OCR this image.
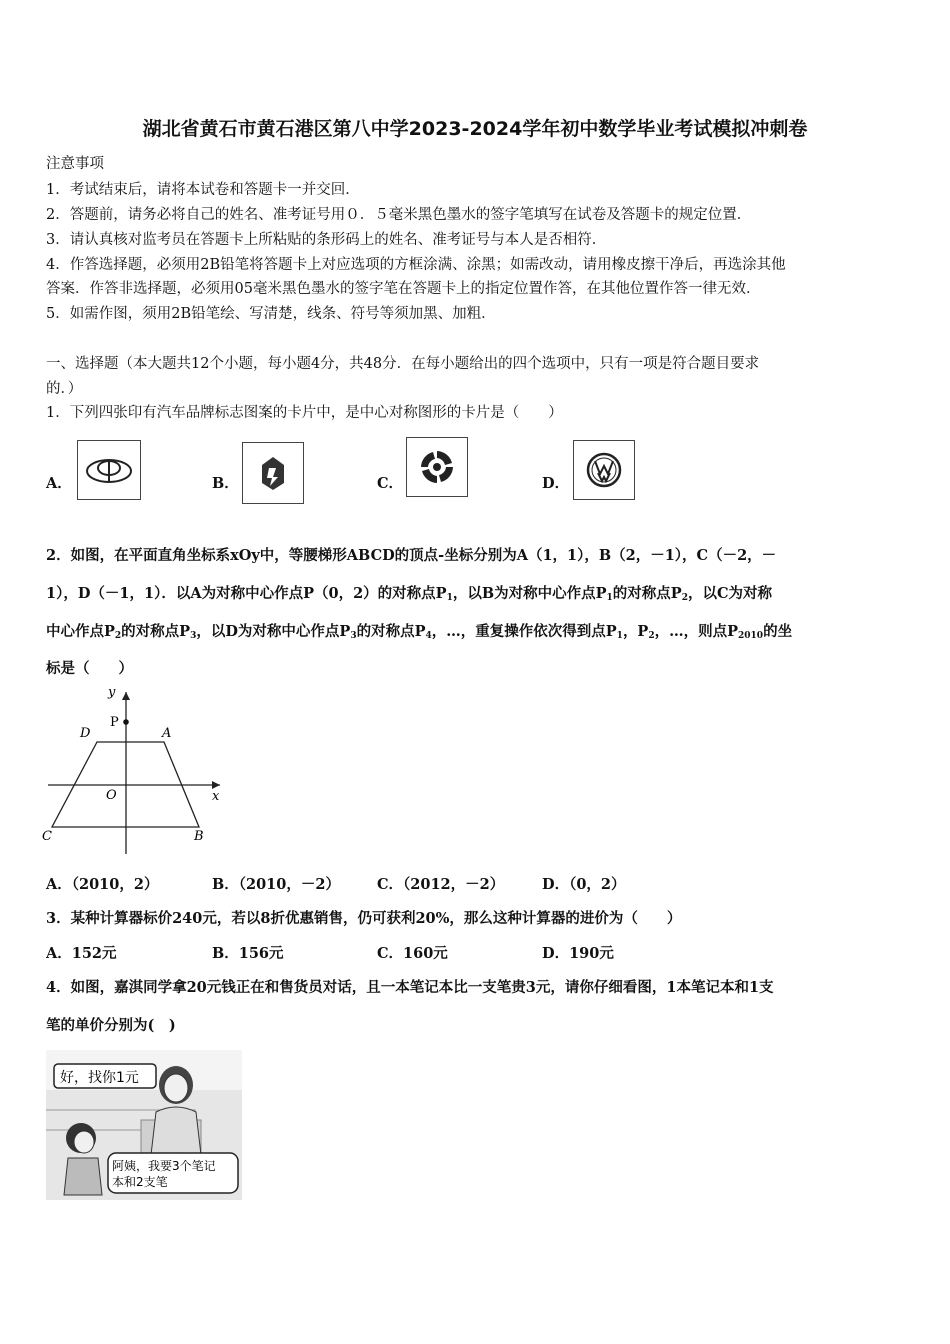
湖北省黄石市黄石港区第八中学2023-2024学年初中数学毕业考试模拟冲刺卷
注意事项
1．考试结束后，请将本试卷和答题卡一并交回．
2．答题前，请务必将自己的姓名、准考证号用０．５毫米黑色墨水的签字笔填写在试卷及答题卡的规定位置．
3．请认真核对监考员在答题卡上所粘贴的条形码上的姓名、准考证号与本人是否相符．
4．作答选择题，必须用2B铅笔将答题卡上对应选项的方框涂满、涂黑；如需改动，请用橡皮擦干净后，再选涂其他
答案．作答非选择题，必须用05毫米黑色墨水的签字笔在答题卡上的指定位置作答，在其他位置作答一律无效．
5．如需作图，须用2B铅笔绘、写清楚，线条、符号等须加黑、加粗．
一、选择题（本大题共12个小题，每小题4分，共48分．在每小题给出的四个选项中，只有一项是符合题目要求
的．）
1．下列四张印有汽车品牌标志图案的卡片中，是中心对称图形的卡片是（　　）
A．	B．	C．	D．
2．如图，在平面直角坐标系xOy中，等腰梯形ABCD的顶点-坐标分别为A（1，1），B（2，－1），C（－2，－
1），D（－1，1）．以A为对称中心作点P（0，2）的对称点$P_1$，以B为对称中心作点$P_1$的对称点$P_2$，以C为对称
中心作点$P_2$的对称点$P_3$，以D为对称中心作点$P_3$的对称点$P_4$，…，重复操作依次得到点$P_1$，$P_2$，…，则点$P_{2010}$的坐
标是（　　）
y
x
O
P
A
D
C	B
A．（2010，2）	B．（2010，－2）	C．（2012，－2）	D．（0，2）
3．某种计算器标价240元，若以8折优惠销售，仍可获利20%，那么这种计算器的进价为（　　）
A．152元	B．156元	C．160元	D．190元
4．如图，嘉淇同学拿20元钱正在和售货员对话，且一本笔记本比一支笔贵3元，请你仔细看图，1本笔记本和1支
笔的单价分别为(　)
好，找你1元
阿姨，我要3个笔记
本和2支笔
